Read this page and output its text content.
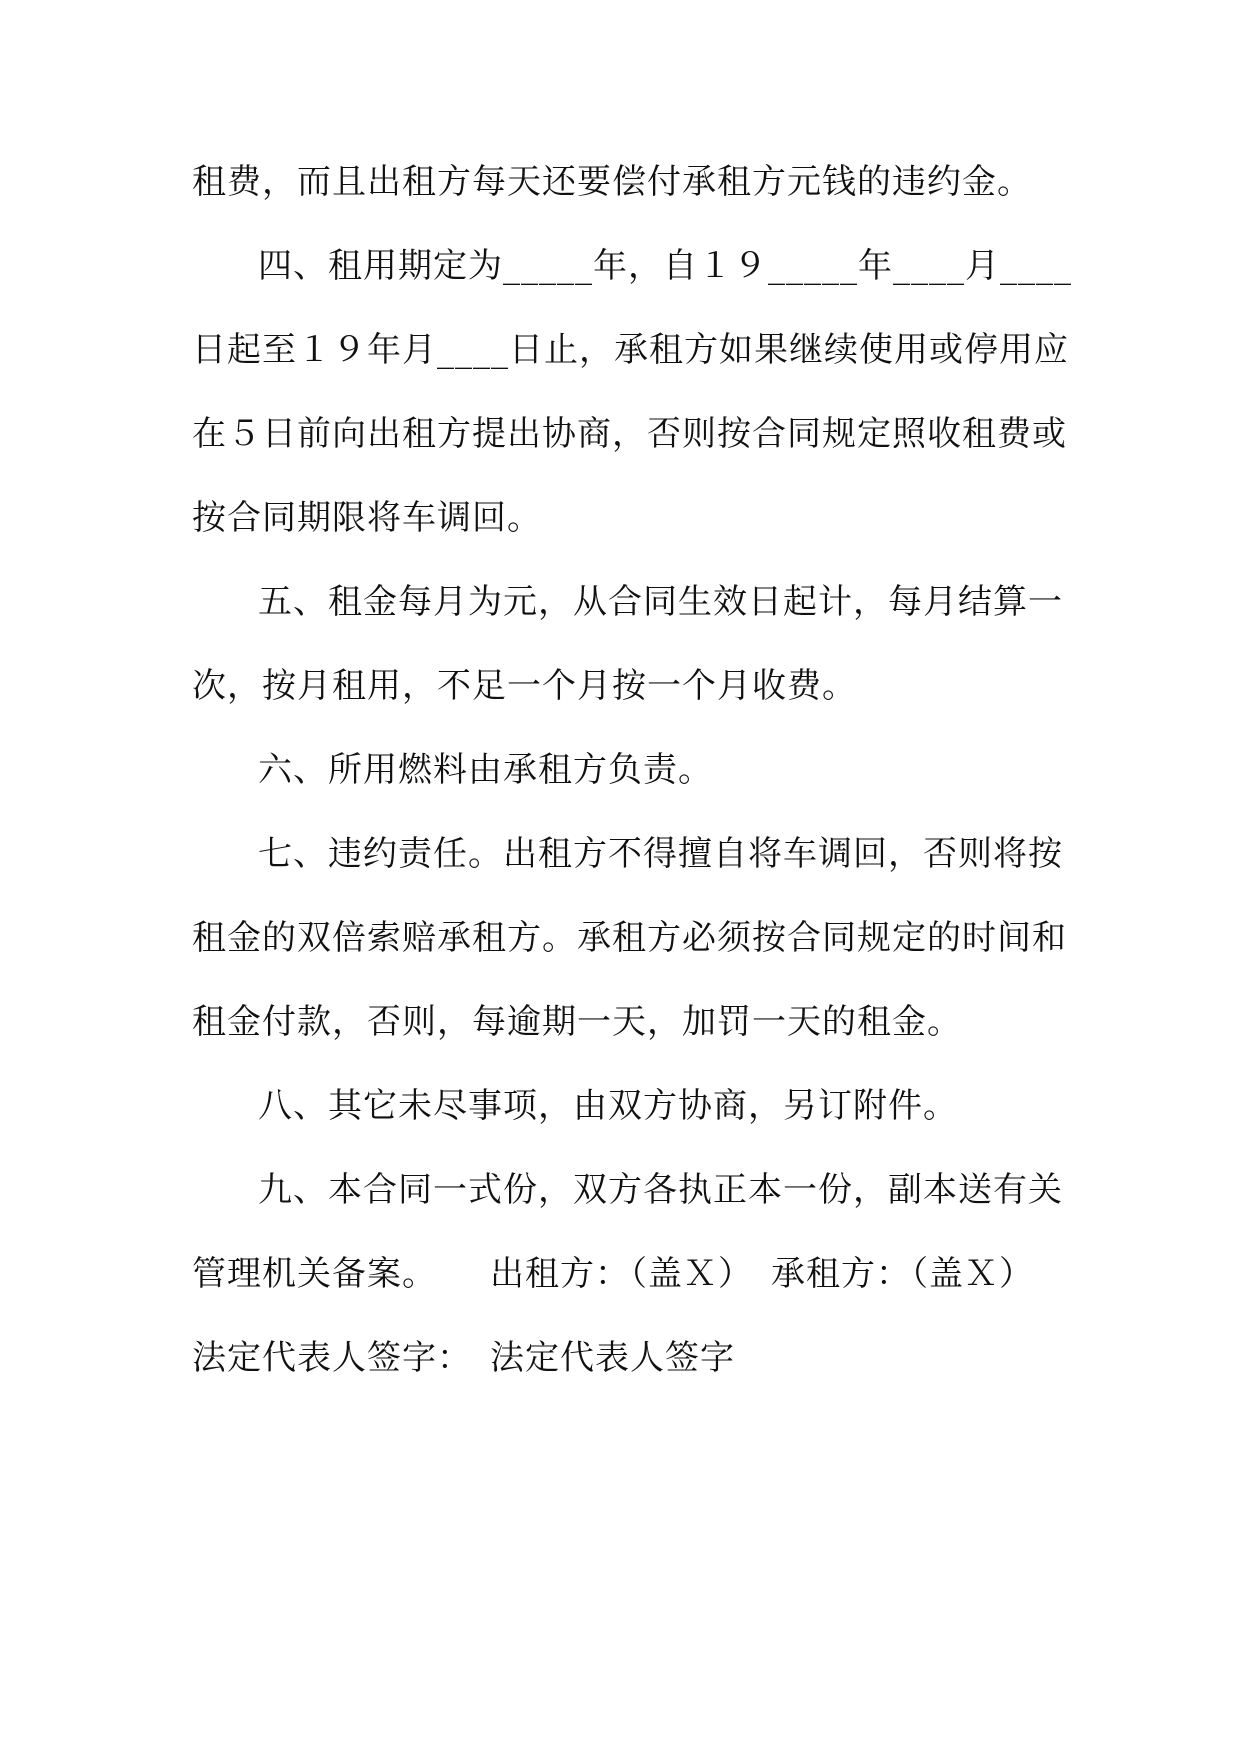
租费，而且出租方每天还要偿付承租方元钱的违约金。
四、租用期定为_____年，自１９_____年____月____
日起至１９年月____日止，承租方如果继续使用或停用应
在５日前向出租方提出协商，否则按合同规定照收租费或
按合同期限将车调回。
五、租金每月为元，从合同生效日起计，每月结算一
次，按月租用，不足一个月按一个月收费。
六、所用燃料由承租方负责。
七、违约责任。出租方不得擅自将车调回，否则将按
租金的双倍索赔承租方。承租方必须按合同规定的时间和
租金付款，否则，每逾期一天，加罚一天的租金。
八、其它未尽事项，由双方协商，另订附件。
九、本合同一式份，双方各执正本一份，副本送有关
管理机关备案。　　出租方：（盖Ｘ）　承租方：（盖Ｘ）
法定代表人签字：　法定代表人签字
